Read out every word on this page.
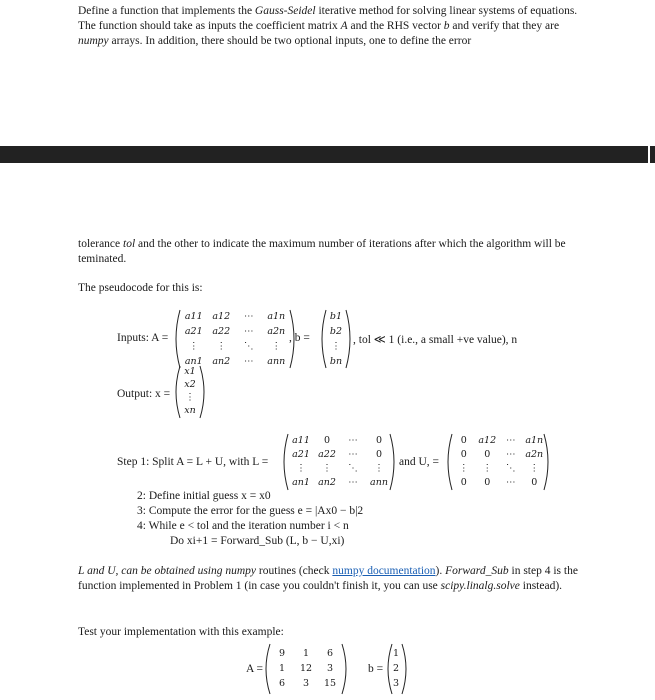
Define a function that implements the Gauss-Seidel iterative method for solving linear systems of equations. The function should take as inputs the coefficient matrix A and the RHS vector b and verify that they are numpy arrays. In addition, there should be two optional inputs, one to define the error

tolerance tol and the other to indicate the maximum number of iterations after which the algorithm will be teminated.

The pseudocode for this is:
Inputs: A =
a11	a12	⋯	a1n
a21	a22	⋯	a2n
⋮	⋮	⋱	⋮
an1	an2	⋯	ann
, b =
b1
b2
⋮
bn
, tol ≪ 1 (i.e., a small +ve value), n
Output: x =
x1
x2
⋮
xn
Step 1: Split A = L + U, with L =
a11	0	⋯	0
a21 a22	⋯	0
⋮	⋮	⋱	⋮
an1 an2	⋯	ann
and U, =
0	a12	⋯	a1n
0	0	⋯	a2n
⋮	⋮	⋱	⋮
0	0	⋯	0
2: Define initial guess x = x0
3: Compute the error for the guess e = |Ax0 − b|2
4: While e < tol and the iteration number i < n
Do xi+1 = Forward_Sub (L, b − U,xi)

L and U, can be obtained using numpy routines (check numpy documentation). Forward_Sub in step 4 is the function implemented in Problem 1 (in case you couldn't finish it, you can use scipy.linalg.solve instead).

Test your implementation with this example:
A =
9	1	6
1	12	3
6	3	15
b =
1
2
3
